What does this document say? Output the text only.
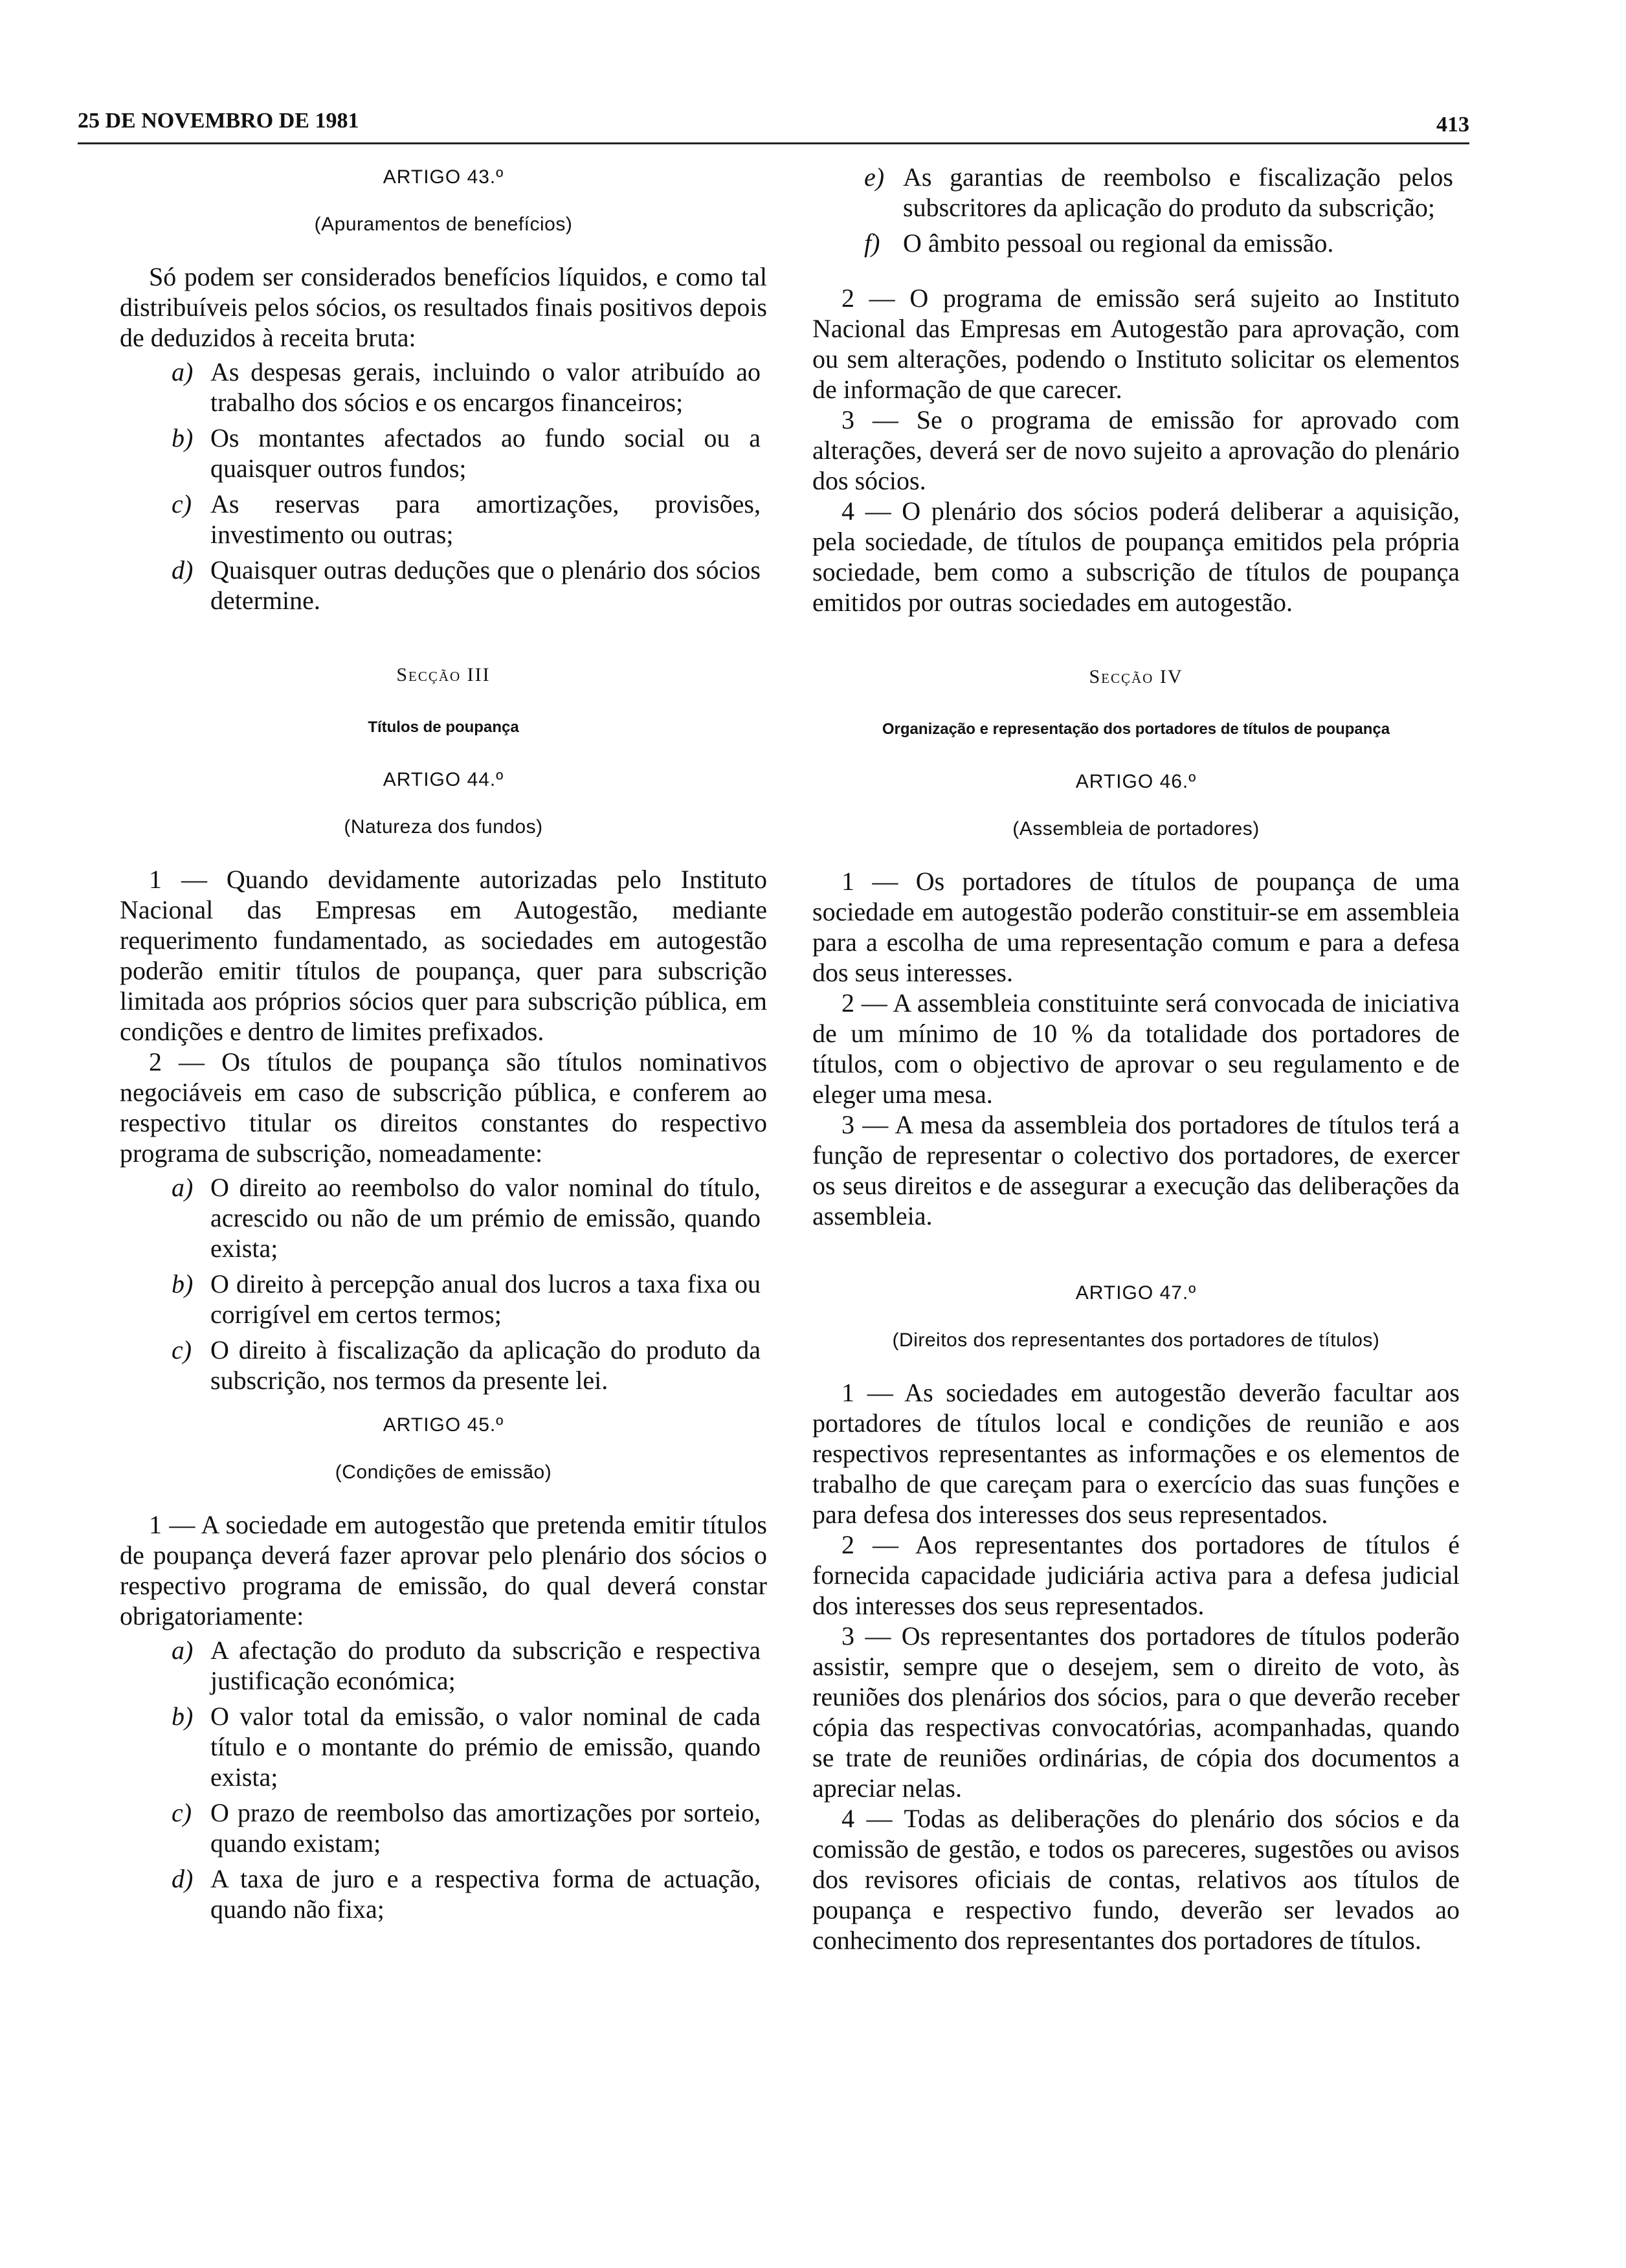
25 DE NOVEMBRO DE 1981	413
ARTIGO 43.º
(Apuramentos de benefícios)

Só podem ser considerados benefícios líquidos, e como tal distribuíveis pelos sócios, os resultados finais positivos depois de deduzidos à receita bruta:

a) As despesas gerais, incluindo o valor atribuído ao trabalho dos sócios e os encargos financeiros;
b) Os montantes afectados ao fundo social ou a quaisquer outros fundos;
c) As reservas para amortizações, provisões, investimento ou outras;
d) Quaisquer outras deduções que o plenário dos sócios determine.
Secção III
Títulos de poupança
ARTIGO 44.º
(Natureza dos fundos)

1 — Quando devidamente autorizadas pelo Instituto Nacional das Empresas em Autogestão, mediante requerimento fundamentado, as sociedades em autogestão poderão emitir títulos de poupança, quer para subscrição limitada aos próprios sócios quer para subscrição pública, em condições e dentro de limites prefixados.

2 — Os títulos de poupança são títulos nominativos negociáveis em caso de subscrição pública, e conferem ao respectivo titular os direitos constantes do respectivo programa de subscrição, nomeadamente:

a) O direito ao reembolso do valor nominal do título, acrescido ou não de um prémio de emissão, quando exista;
b) O direito à percepção anual dos lucros a taxa fixa ou corrigível em certos termos;
c) O direito à fiscalização da aplicação do produto da subscrição, nos termos da presente lei.
ARTIGO 45.º
(Condições de emissão)

1 — A sociedade em autogestão que pretenda emitir títulos de poupança deverá fazer aprovar pelo plenário dos sócios o respectivo programa de emissão, do qual deverá constar obrigatoriamente:

a) A afectação do produto da subscrição e respectiva justificação económica;
b) O valor total da emissão, o valor nominal de cada título e o montante do prémio de emissão, quando exista;
c) O prazo de reembolso das amortizações por sorteio, quando existam;
d) A taxa de juro e a respectiva forma de actuação, quando não fixa;
e) As garantias de reembolso e fiscalização pelos subscritores da aplicação do produto da subscrição;
f) O âmbito pessoal ou regional da emissão.

2 — O programa de emissão será sujeito ao Instituto Nacional das Empresas em Autogestão para aprovação, com ou sem alterações, podendo o Instituto solicitar os elementos de informação de que carecer.

3 — Se o programa de emissão for aprovado com alterações, deverá ser de novo sujeito a aprovação do plenário dos sócios.

4 — O plenário dos sócios poderá deliberar a aquisição, pela sociedade, de títulos de poupança emitidos pela própria sociedade, bem como a subscrição de títulos de poupança emitidos por outras sociedades em autogestão.

Secção IV
Organização e representação dos portadores de títulos de poupança
ARTIGO 46.º
(Assembleia de portadores)

1 — Os portadores de títulos de poupança de uma sociedade em autogestão poderão constituir-se em assembleia para a escolha de uma representação comum e para a defesa dos seus interesses.

2 — A assembleia constituinte será convocada de iniciativa de um mínimo de 10 % da totalidade dos portadores de títulos, com o objectivo de aprovar o seu regulamento e de eleger uma mesa.

3 — A mesa da assembleia dos portadores de títulos terá a função de representar o colectivo dos portadores, de exercer os seus direitos e de assegurar a execução das deliberações da assembleia.

ARTIGO 47.º
(Direitos dos representantes dos portadores de títulos)

1 — As sociedades em autogestão deverão facultar aos portadores de títulos local e condições de reunião e aos respectivos representantes as informações e os elementos de trabalho de que careçam para o exercício das suas funções e para defesa dos interesses dos seus representados.

2 — Aos representantes dos portadores de títulos é fornecida capacidade judiciária activa para a defesa judicial dos interesses dos seus representados.

3 — Os representantes dos portadores de títulos poderão assistir, sempre que o desejem, sem o direito de voto, às reuniões dos plenários dos sócios, para o que deverão receber cópia das respectivas convocatórias, acompanhadas, quando se trate de reuniões ordinárias, de cópia dos documentos a apreciar nelas.

4 — Todas as deliberações do plenário dos sócios e da comissão de gestão, e todos os pareceres, sugestões ou avisos dos revisores oficiais de contas, relativos aos títulos de poupança e respectivo fundo, deverão ser levados ao conhecimento dos representantes dos portadores de títulos.
